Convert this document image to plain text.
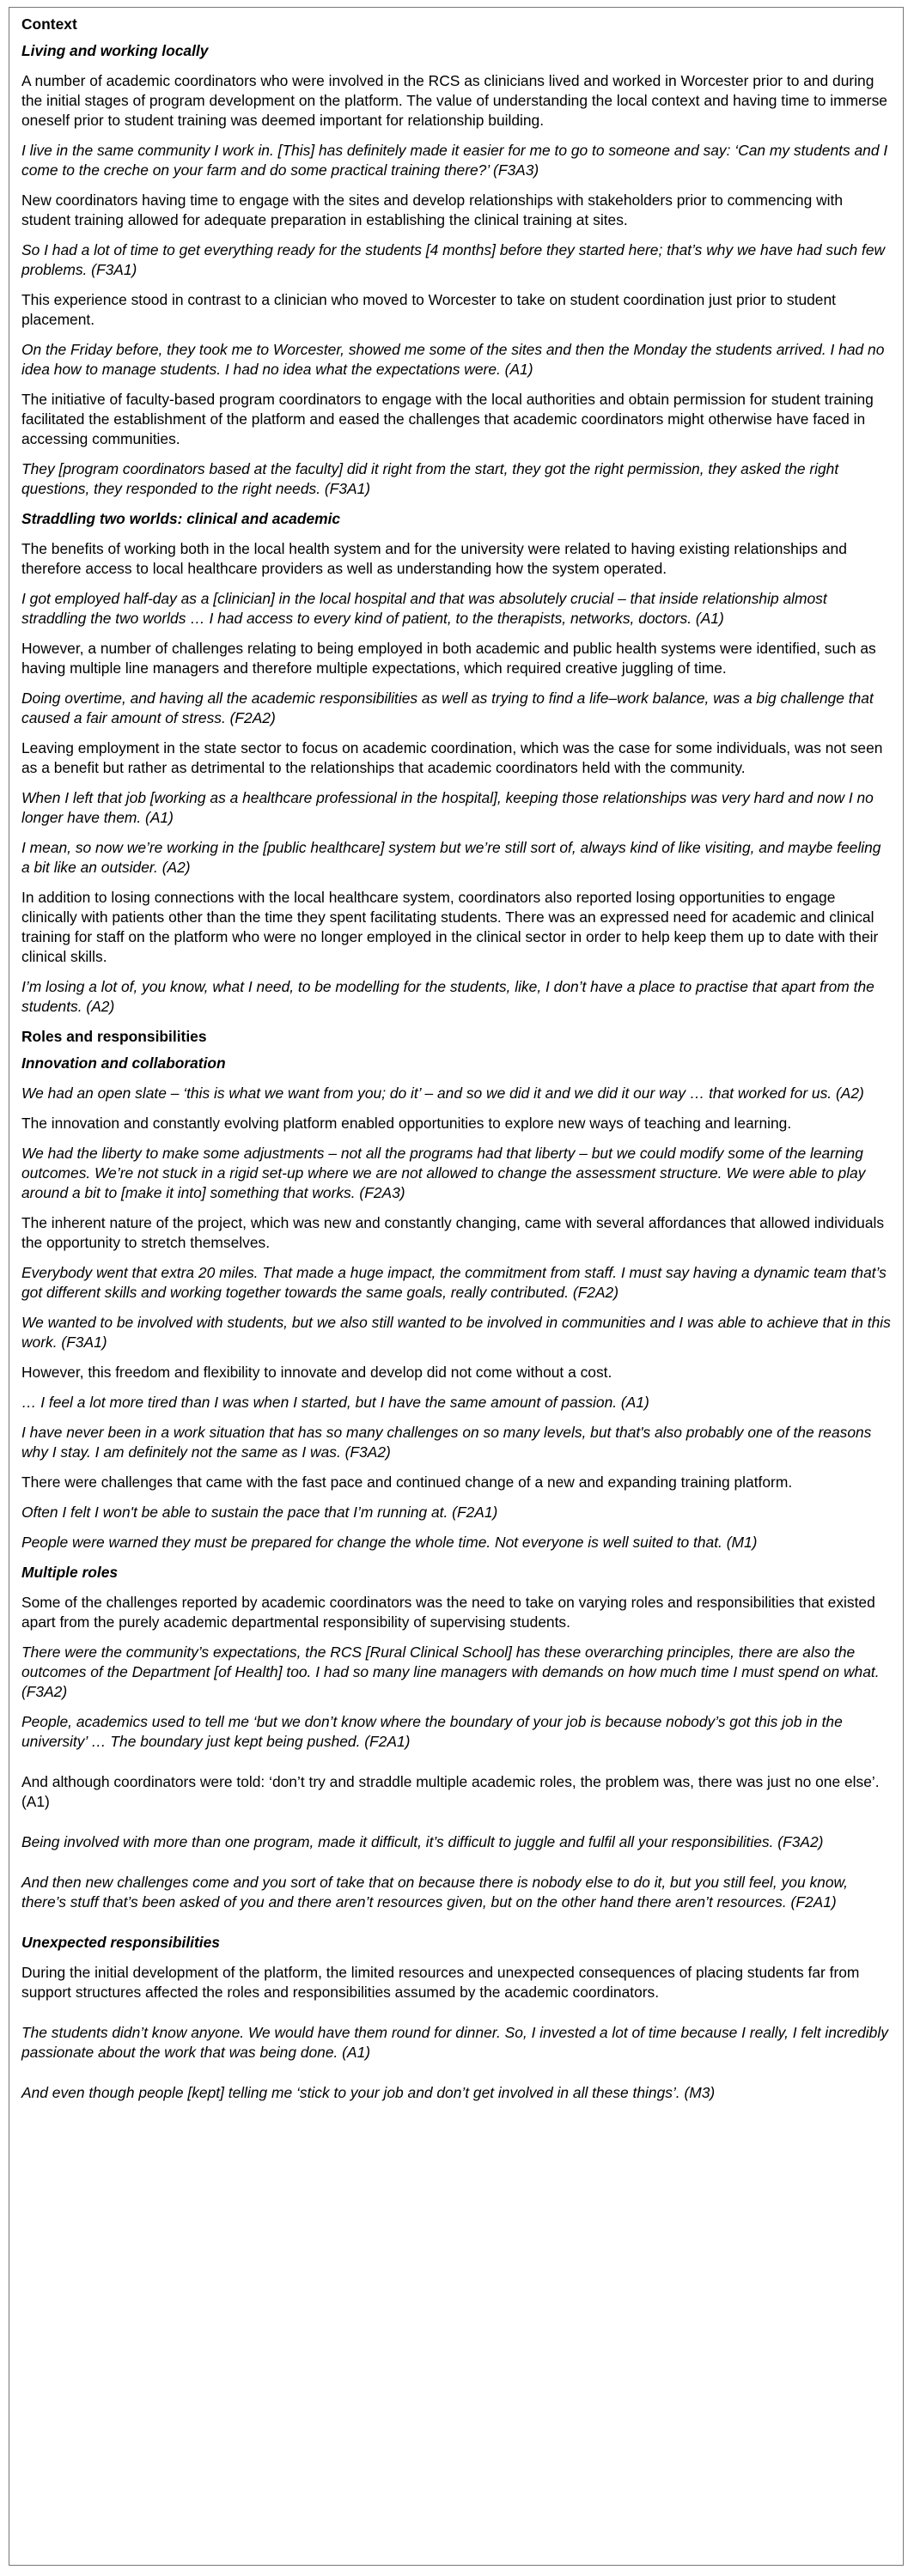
Context
Living and working locally
A number of academic coordinators who were involved in the RCS as clinicians lived and worked in Worcester prior to and during the initial stages of program development on the platform. The value of understanding the local context and having time to immerse oneself prior to student training was deemed important for relationship building.
I live in the same community I work in. [This] has definitely made it easier for me to go to someone and say: ‘Can my students and I come to the creche on your farm and do some practical training there?’ (F3A3)
New coordinators having time to engage with the sites and develop relationships with stakeholders prior to commencing with student training allowed for adequate preparation in establishing the clinical training at sites.
So I had a lot of time to get everything ready for the students [4 months] before they started here; that’s why we have had such few problems. (F3A1)
This experience stood in contrast to a clinician who moved to Worcester to take on student coordination just prior to student placement.
On the Friday before, they took me to Worcester, showed me some of the sites and then the Monday the students arrived. I had no idea how to manage students. I had no idea what the expectations were. (A1)
The initiative of faculty-based program coordinators to engage with the local authorities and obtain permission for student training facilitated the establishment of the platform and eased the challenges that academic coordinators might otherwise have faced in accessing communities.
They [program coordinators based at the faculty] did it right from the start, they got the right permission, they asked the right questions, they responded to the right needs. (F3A1)
Straddling two worlds: clinical and academic
The benefits of working both in the local health system and for the university were related to having existing relationships and therefore access to local healthcare providers as well as understanding how the system operated.
I got employed half-day as a [clinician] in the local hospital and that was absolutely crucial – that inside relationship almost straddling the two worlds … I had access to every kind of patient, to the therapists, networks, doctors. (A1)
However, a number of challenges relating to being employed in both academic and public health systems were identified, such as having multiple line managers and therefore multiple expectations, which required creative juggling of time.
Doing overtime, and having all the academic responsibilities as well as trying to find a life–work balance, was a big challenge that caused a fair amount of stress. (F2A2)
Leaving employment in the state sector to focus on academic coordination, which was the case for some individuals, was not seen as a benefit but rather as detrimental to the relationships that academic coordinators held with the community.
When I left that job [working as a healthcare professional in the hospital], keeping those relationships was very hard and now I no longer have them. (A1)
I mean, so now we’re working in the [public healthcare] system but we’re still sort of, always kind of like visiting, and maybe feeling a bit like an outsider. (A2)
In addition to losing connections with the local healthcare system, coordinators also reported losing opportunities to engage clinically with patients other than the time they spent facilitating students. There was an expressed need for academic and clinical training for staff on the platform who were no longer employed in the clinical sector in order to help keep them up to date with their clinical skills.
I’m losing a lot of, you know, what I need, to be modelling for the students, like, I don’t have a place to practise that apart from the students. (A2)
Roles and responsibilities
Innovation and collaboration
We had an open slate – ‘this is what we want from you; do it’ – and so we did it and we did it our way … that worked for us. (A2)
The innovation and constantly evolving platform enabled opportunities to explore new ways of teaching and learning.
We had the liberty to make some adjustments – not all the programs had that liberty – but we could modify some of the learning outcomes. We’re not stuck in a rigid set-up where we are not allowed to change the assessment structure. We were able to play around a bit to [make it into] something that works. (F2A3)
The inherent nature of the project, which was new and constantly changing, came with several affordances that allowed individuals the opportunity to stretch themselves.
Everybody went that extra 20 miles. That made a huge impact, the commitment from staff. I must say having a dynamic team that’s got different skills and working together towards the same goals, really contributed. (F2A2)
We wanted to be involved with students, but we also still wanted to be involved in communities and I was able to achieve that in this work. (F3A1)
However, this freedom and flexibility to innovate and develop did not come without a cost.
… I feel a lot more tired than I was when I started, but I have the same amount of passion. (A1)
I have never been in a work situation that has so many challenges on so many levels, but that's also probably one of the reasons why I stay. I am definitely not the same as I was. (F3A2)
There were challenges that came with the fast pace and continued change of a new and expanding training platform.
Often I felt I won't be able to sustain the pace that I’m running at. (F2A1)
People were warned they must be prepared for change the whole time. Not everyone is well suited to that. (M1)
Multiple roles
Some of the challenges reported by academic coordinators was the need to take on varying roles and responsibilities that existed apart from the purely academic departmental responsibility of supervising students.
There were the community’s expectations, the RCS [Rural Clinical School] has these overarching principles, there are also the outcomes of the Department [of Health] too. I had so many line managers with demands on how much time I must spend on what. (F3A2)
People, academics used to tell me ‘but we don’t know where the boundary of your job is because nobody’s got this job in the university’ … The boundary just kept being pushed. (F2A1)
And although coordinators were told: ‘don’t try and straddle multiple academic roles, the problem was, there was just no one else’. (A1)
Being involved with more than one program, made it difficult, it’s difficult to juggle and fulfil all your responsibilities. (F3A2)
And then new challenges come and you sort of take that on because there is nobody else to do it, but you still feel, you know, there’s stuff that’s been asked of you and there aren’t resources given, but on the other hand there aren’t resources. (F2A1)
Unexpected responsibilities
During the initial development of the platform, the limited resources and unexpected consequences of placing students far from support structures affected the roles and responsibilities assumed by the academic coordinators.
The students didn’t know anyone. We would have them round for dinner. So, I invested a lot of time because I really, I felt incredibly passionate about the work that was being done. (A1)
And even though people [kept] telling me ‘stick to your job and don’t get involved in all these things’. (M3)
